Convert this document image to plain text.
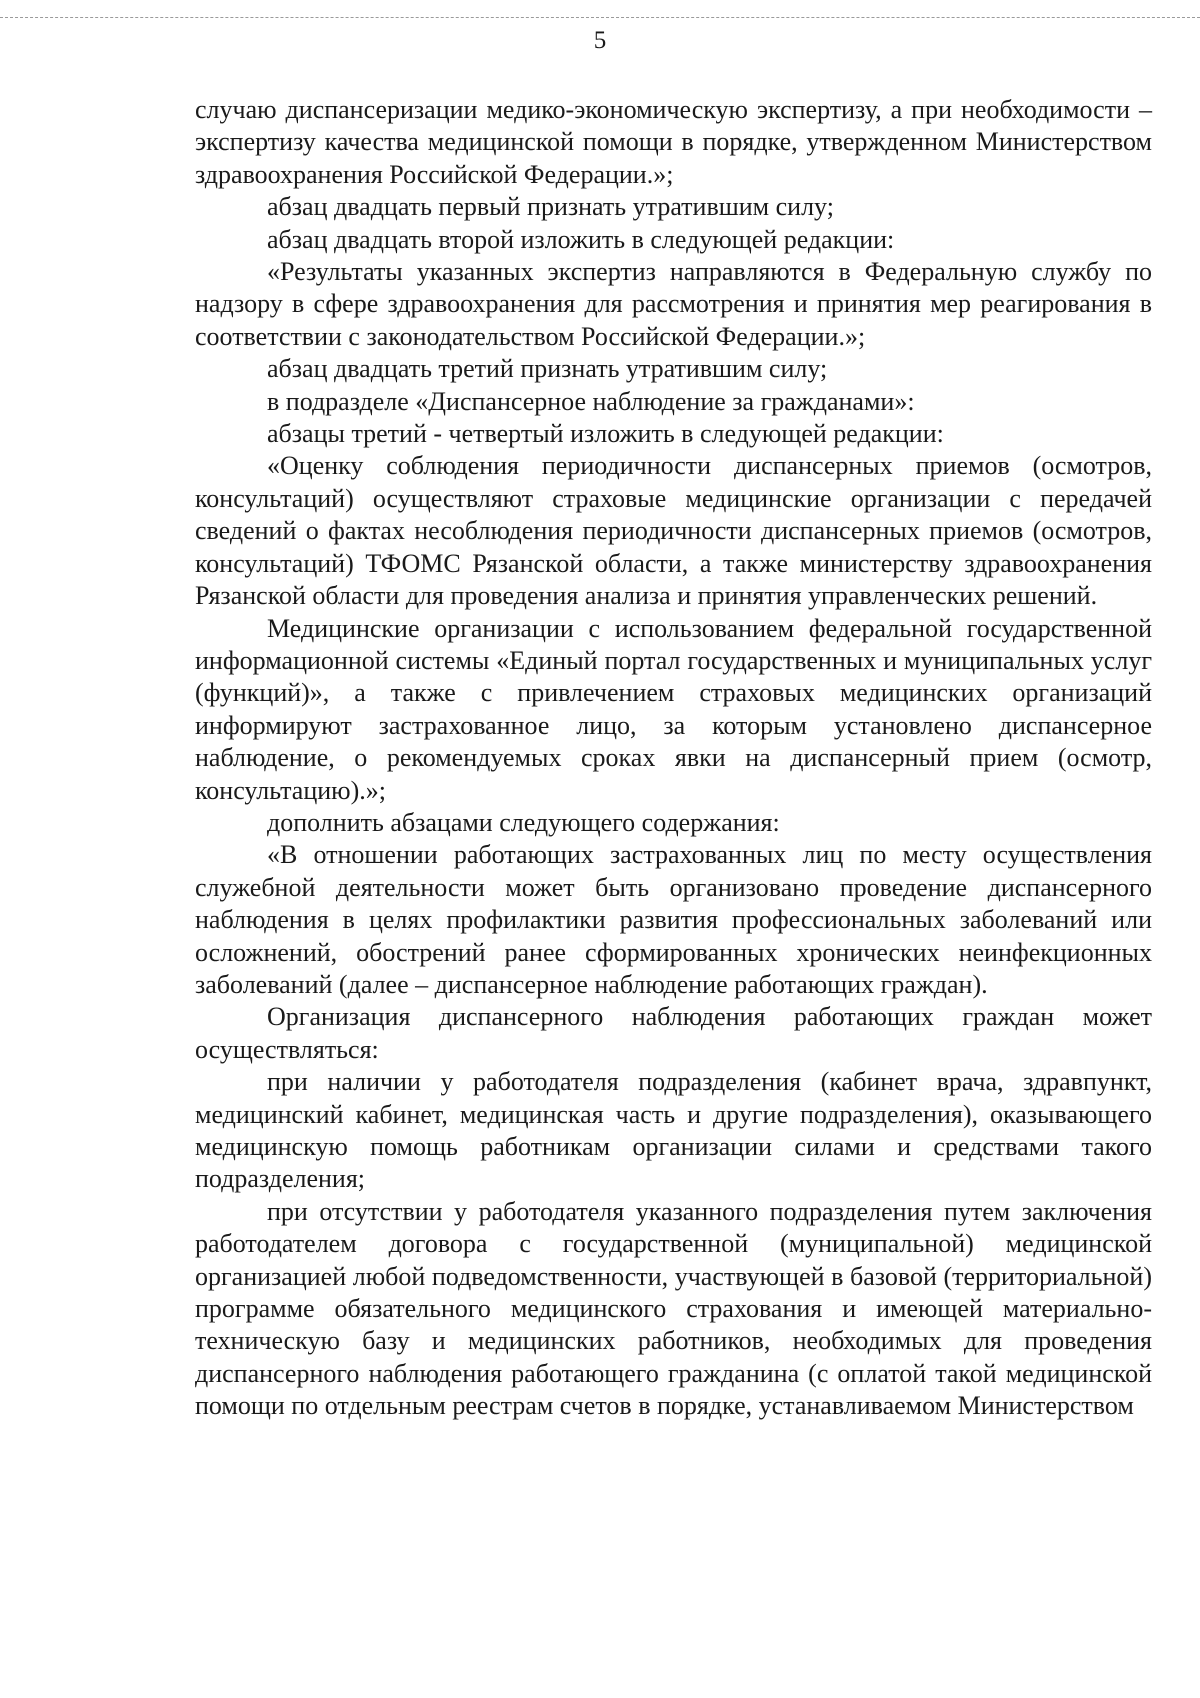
5

случаю диспансеризации медико-экономическую экспертизу, а при необходимости – экспертизу качества медицинской помощи в порядке, утвержденном Министерством здравоохранения Российской Федерации.»;

абзац двадцать первый признать утратившим силу;

абзац двадцать второй изложить в следующей редакции:

«Результаты указанных экспертиз направляются в Федеральную службу по надзору в сфере здравоохранения для рассмотрения и принятия мер реагирования в соответствии с законодательством Российской Федерации.»;

абзац двадцать третий признать утратившим силу;

в подразделе «Диспансерное наблюдение за гражданами»:

абзацы третий - четвертый изложить в следующей редакции:

«Оценку соблюдения периодичности диспансерных приемов (осмотров, консультаций) осуществляют страховые медицинские организации с передачей сведений о фактах несоблюдения периодичности диспансерных приемов (осмотров, консультаций) ТФОМС Рязанской области, а также министерству здравоохранения Рязанской области для проведения анализа и принятия управленческих решений.

Медицинские организации с использованием федеральной государственной информационной системы «Единый портал государственных и муниципальных услуг (функций)», а также с привлечением страховых медицинских организаций информируют застрахованное лицо, за которым установлено диспансерное наблюдение, о рекомендуемых сроках явки на диспансерный прием (осмотр, консультацию).»;

дополнить абзацами следующего содержания:

«В отношении работающих застрахованных лиц по месту осуществления служебной деятельности может быть организовано проведение диспансерного наблюдения в целях профилактики развития профессиональных заболеваний или осложнений, обострений ранее сформированных хронических неинфекционных заболеваний (далее – диспансерное наблюдение работающих граждан).

Организация диспансерного наблюдения работающих граждан может осуществляться:

при наличии у работодателя подразделения (кабинет врача, здравпункт, медицинский кабинет, медицинская часть и другие подразделения), оказывающего медицинскую помощь работникам организации силами и средствами такого подразделения;

при отсутствии у работодателя указанного подразделения путем заключения работодателем договора с государственной (муниципальной) медицинской организацией любой подведомственности, участвующей в базовой (территориальной) программе обязательного медицинского страхования и имеющей материально-техническую базу и медицинских работников, необходимых для проведения диспансерного наблюдения работающего гражданина (с оплатой такой медицинской помощи по отдельным реестрам счетов в порядке, устанавливаемом Министерством
